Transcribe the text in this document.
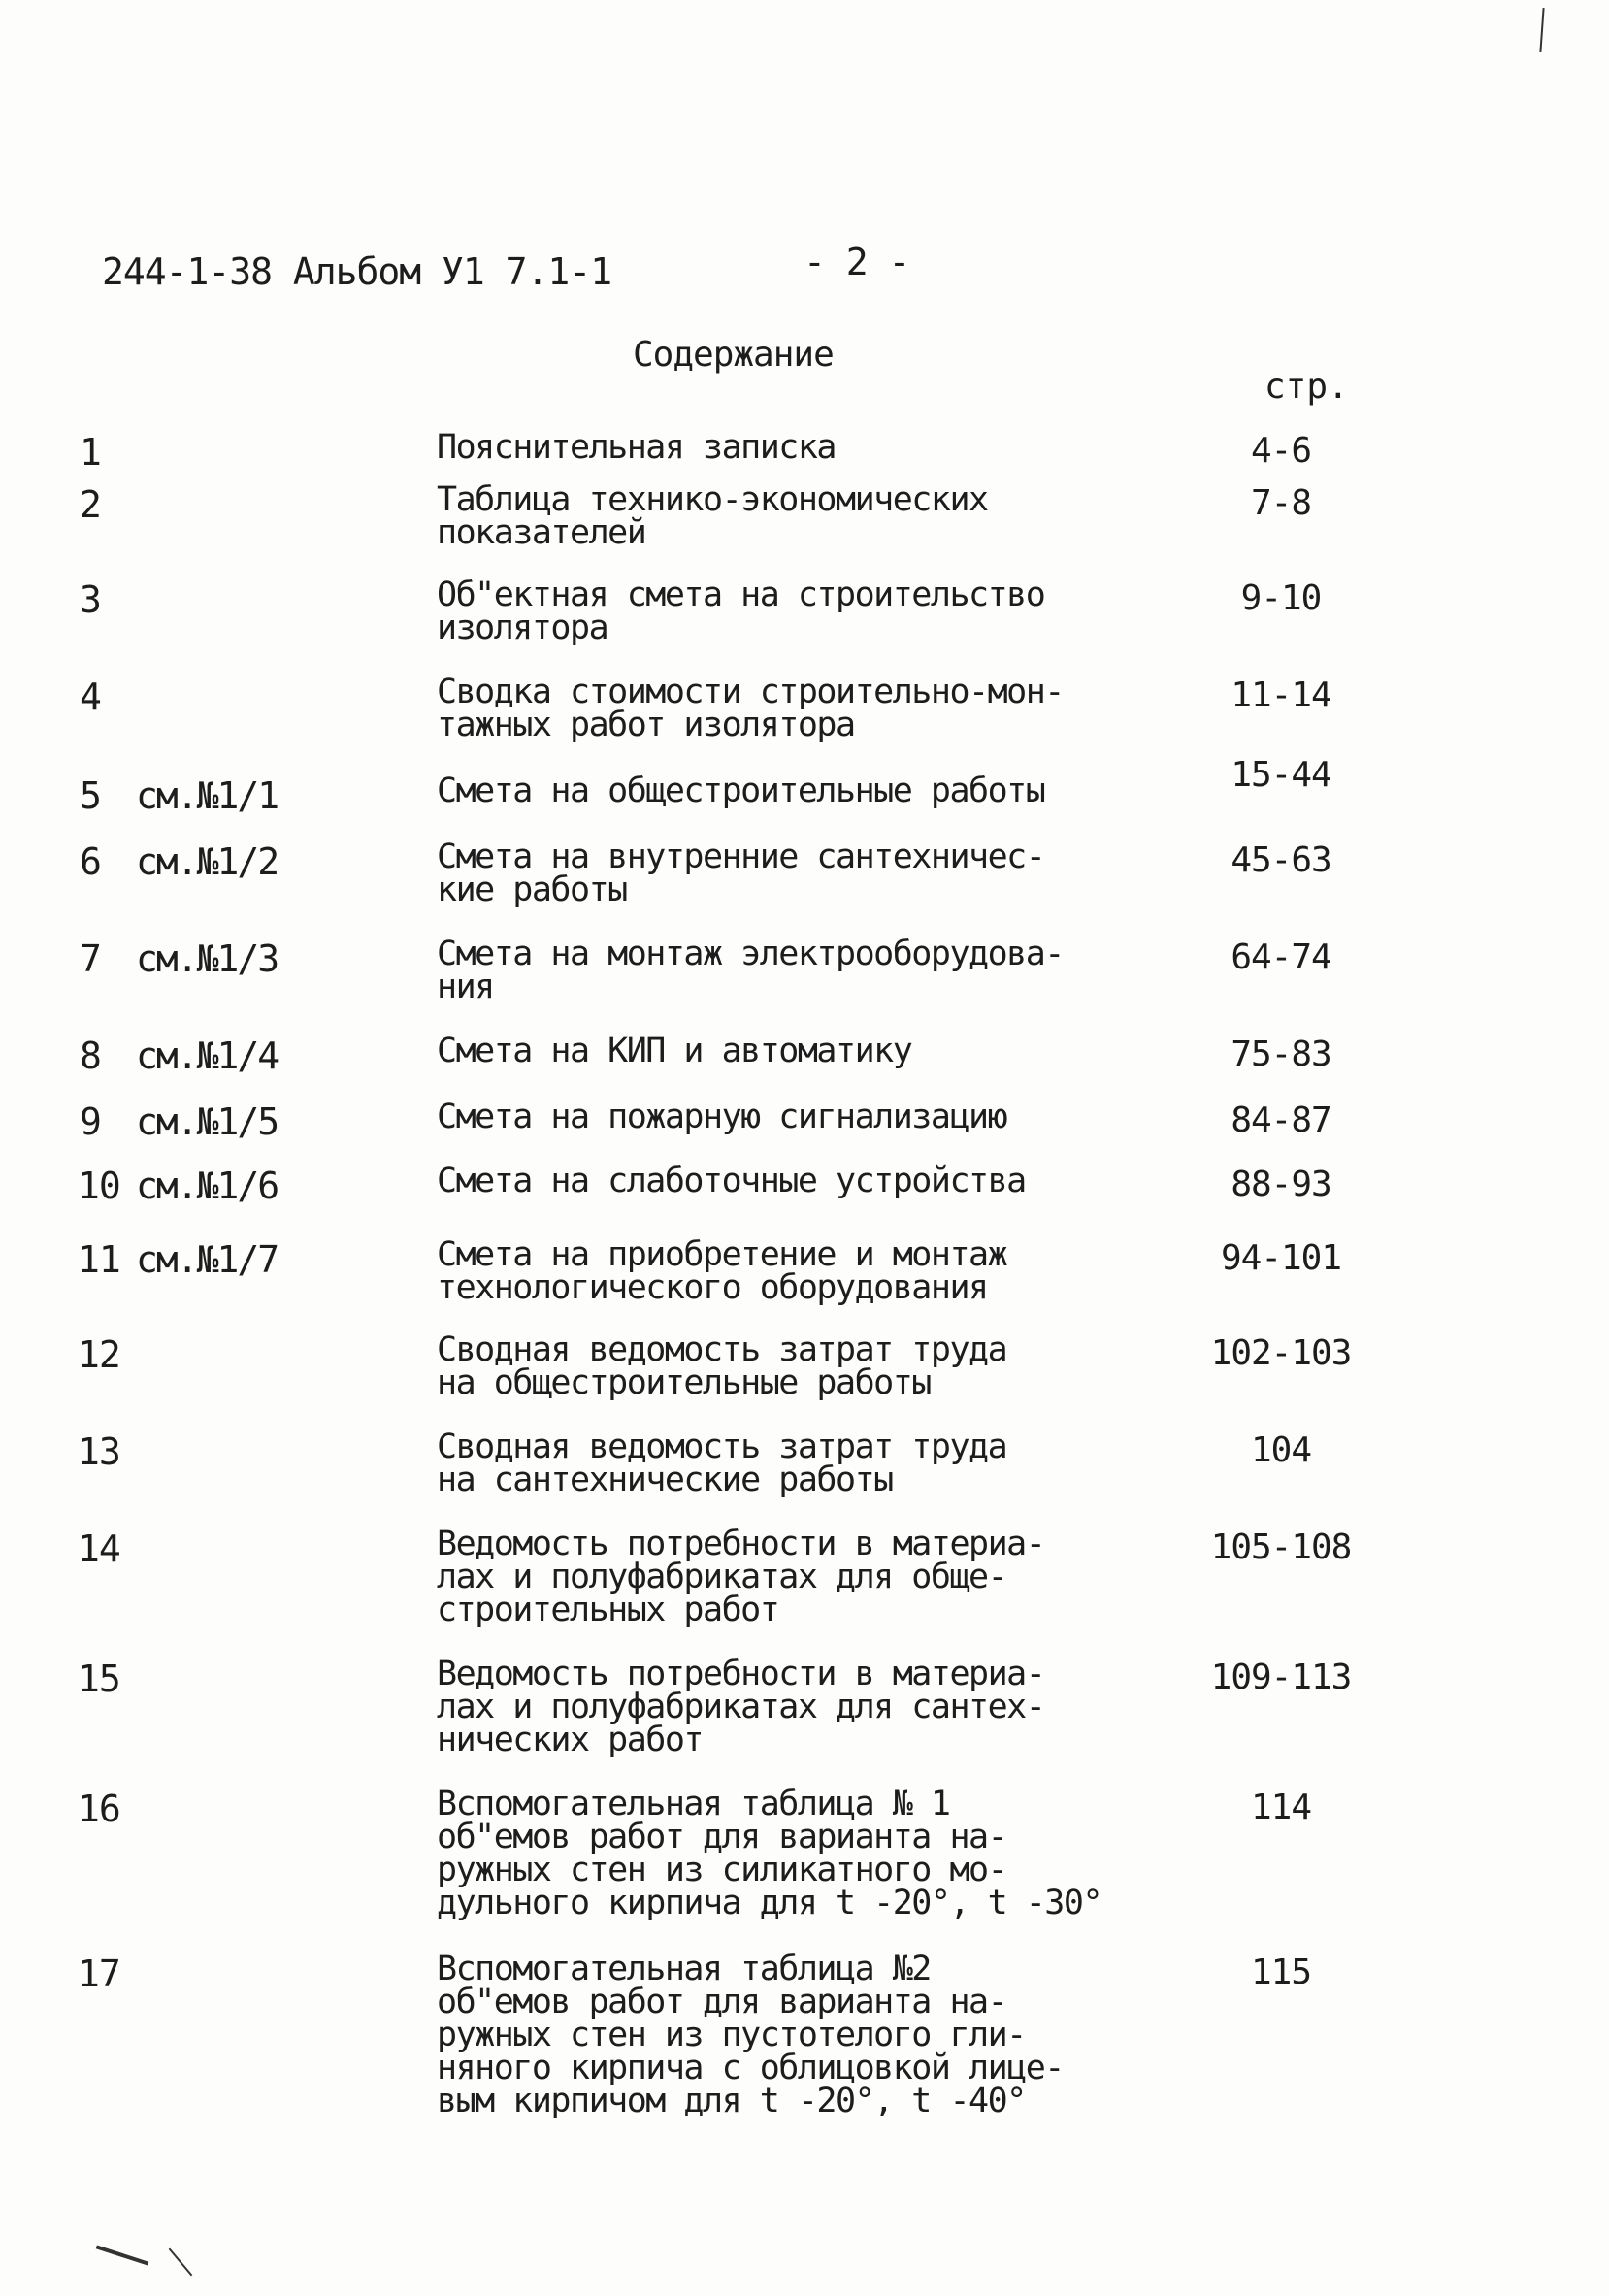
244-1-38 Альбом У1 7.1-1	- 2 -
Содержание
стр.
1	Пояснительная записка	4-6
2	Таблица технико-экономических
показателей
7-8
3	Об"ектная смета на строительство
изолятора
9-10
4	Сводка стоимости строительно-мон-
тажных работ изолятора
11-14
5 см.№1/1	Смета на общестроительные работы	15-44
6 см.№1/2	Смета на внутренние сантехничес-
кие работы
45-63
7 см.№1/3	Смета на монтаж электрооборудова-
ния
64-74
8 см.№1/4	Смета на КИП и автоматику	75-83
9 см.№1/5	Смета на пожарную сигнализацию	84-87
10 см.№1/6	Смета на слаботочные устройства	88-93
11 см.№1/7	Смета на приобретение и монтаж
технологического оборудования
94-101
12	Сводная ведомость затрат труда
на общестроительные работы
102-103
13	Сводная ведомость затрат труда
на сантехнические работы
104
14	Ведомость потребности в материа-
лах и полуфабрикатах для обще-
строительных работ
105-108
15	Ведомость потребности в материа-
лах и полуфабрикатах для сантех-
нических работ
109-113
16	Вспомогательная таблица № 1
об"емов работ для варианта на-
ружных стен из силикатного мо-
дульного кирпича для t -20°, t -30°
114
17	Вспомогательная таблица №2
об"емов работ для варианта на-
ружных стен из пустотелого гли-
няного кирпича с облицовкой лице-
вым кирпичом для t -20°, t -40°
115
